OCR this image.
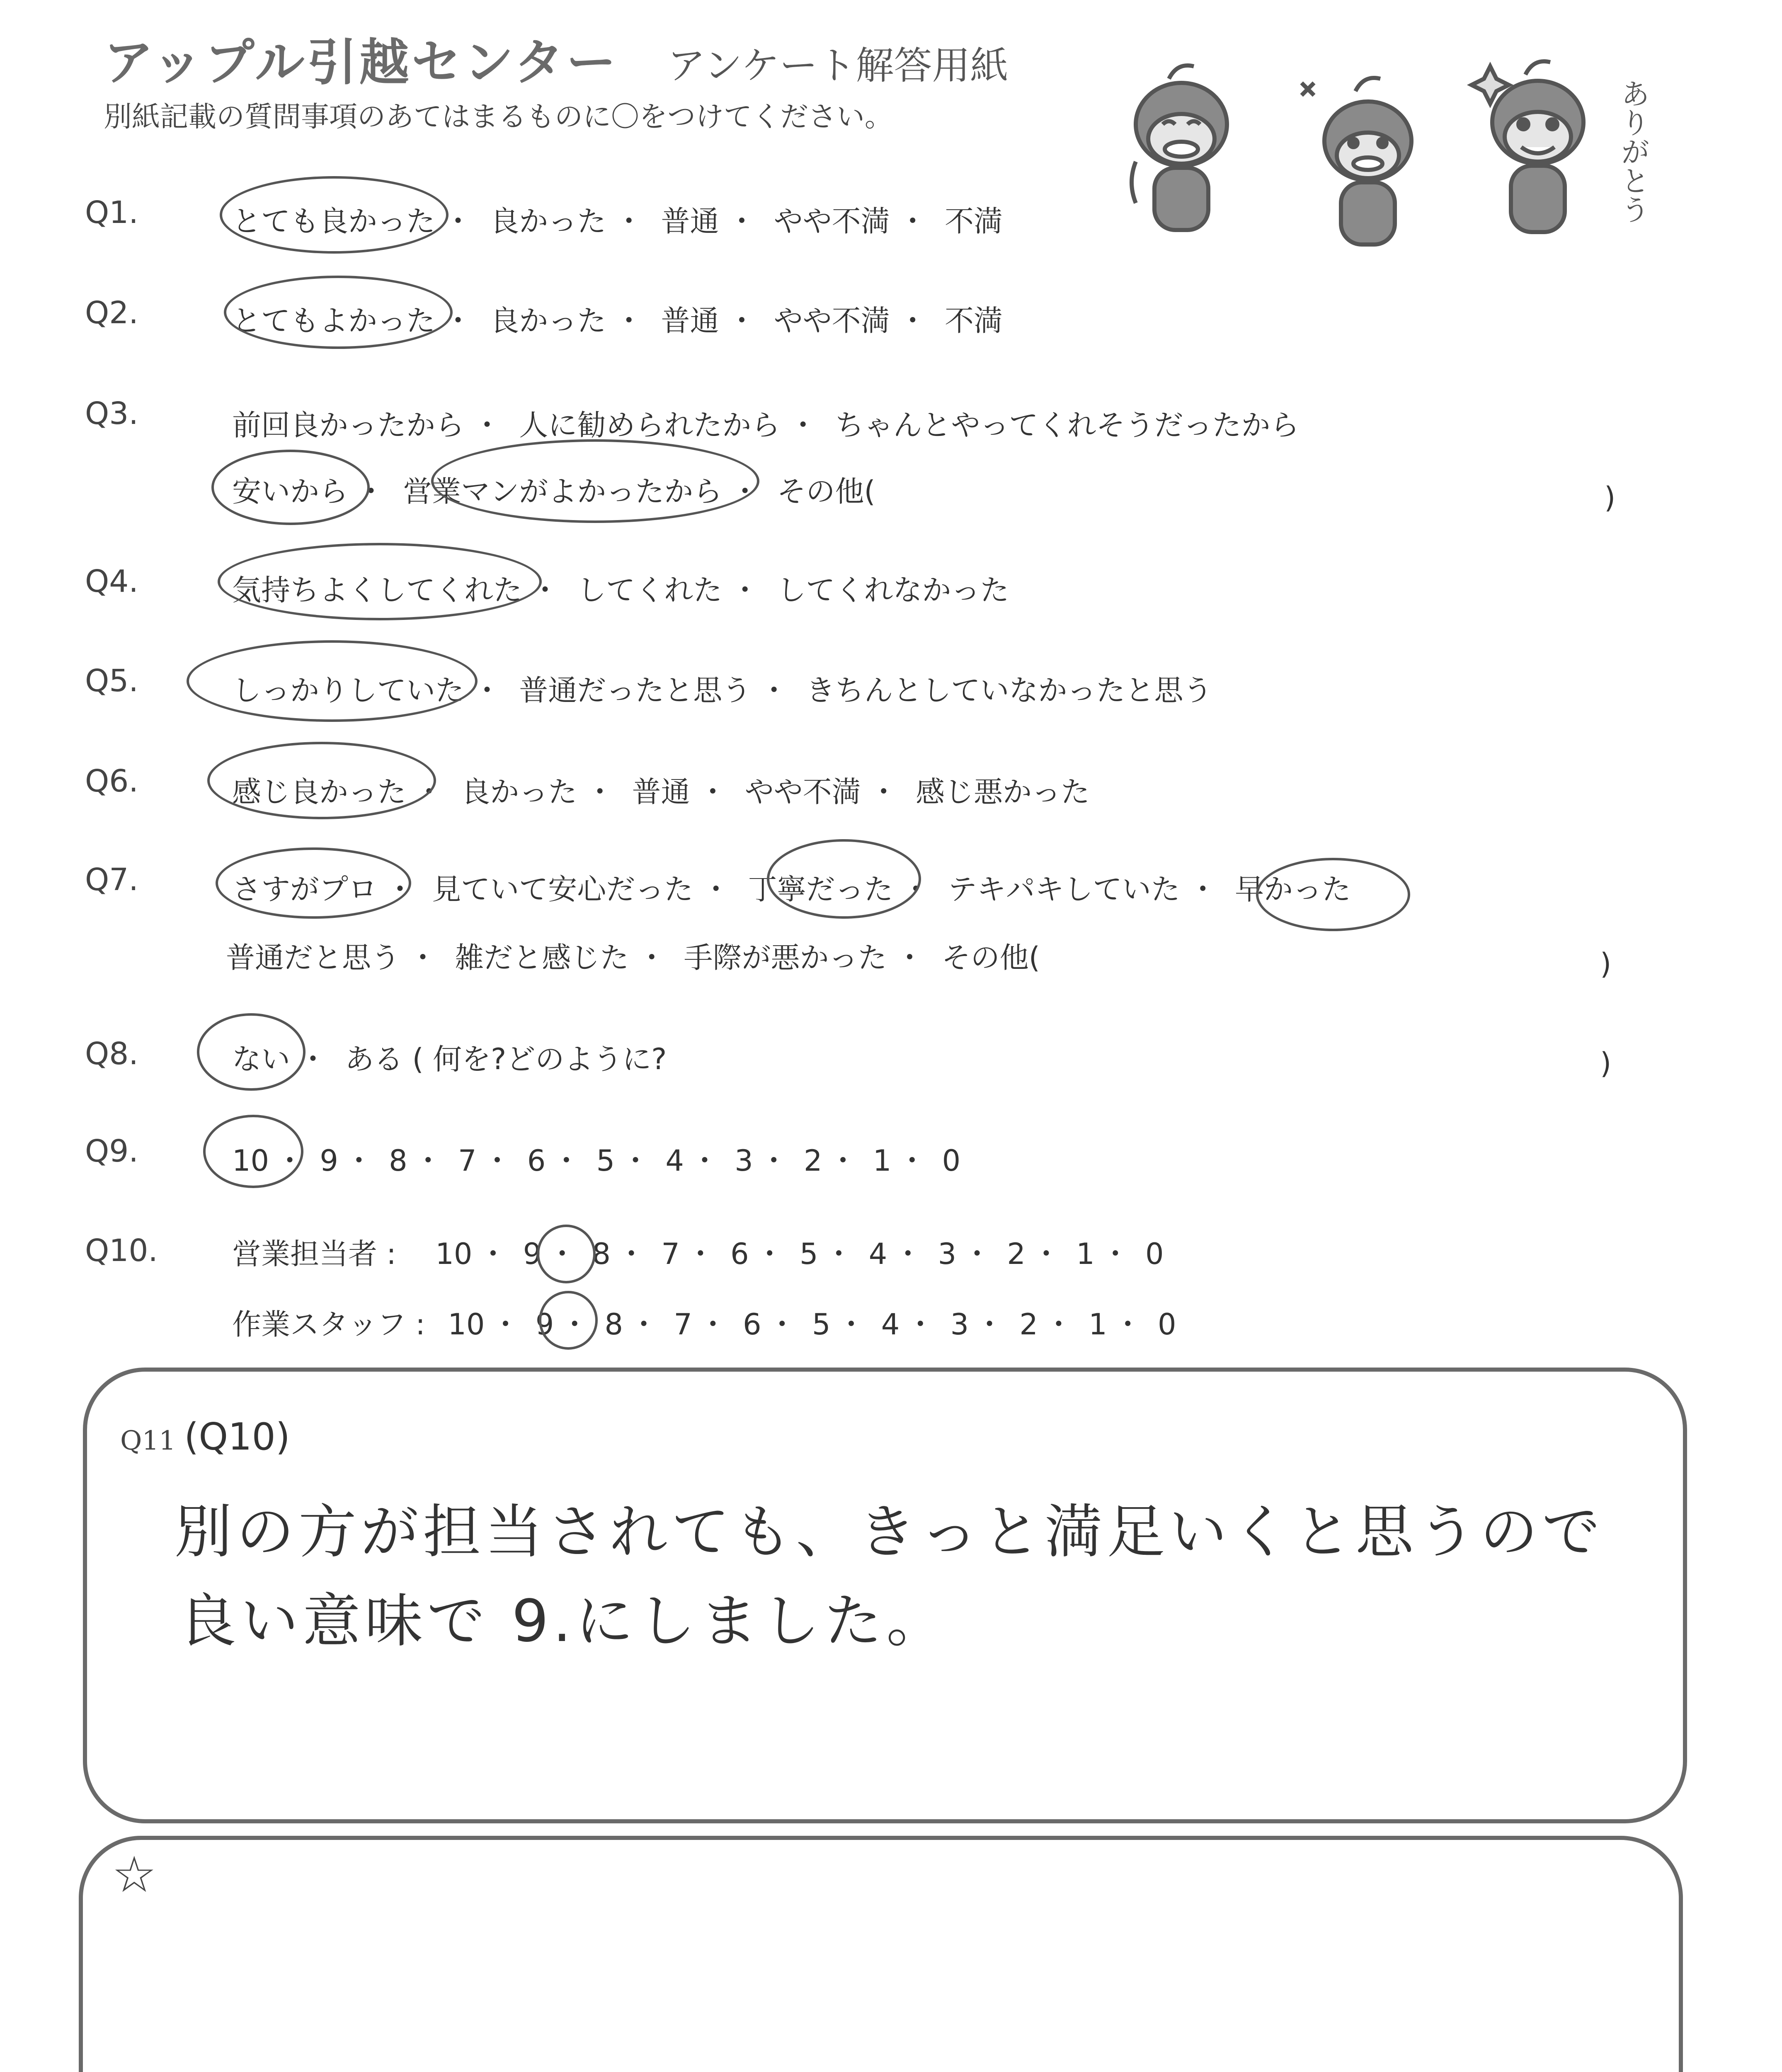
アップル引越センター アンケート解答用紙
別紙記載の質問事項のあてはまるものに〇をつけてください。	ありがとう
Q1.	とても良かった ・ 良かった ・ 普通 ・ やや不満 ・ 不満
Q2.	とてもよかった ・ 良かった ・ 普通 ・ やや不満 ・ 不満
Q3.	前回良かったから ・ 人に勧められたから ・ ちゃんとやってくれそうだったから
安いから ・ 営業マンがよかったから ・ その他(	)
Q4.	気持ちよくしてくれた ・ してくれた ・ してくれなかった
Q5.	しっかりしていた ・ 普通だったと思う ・ きちんとしていなかったと思う
Q6.	感じ良かった ・ 良かった ・ 普通 ・ やや不満 ・ 感じ悪かった
Q7.	さすがプロ ・ 見ていて安心だった ・ 丁寧だった ・ テキパキしていた ・ 早かった
普通だと思う ・ 雑だと感じた ・ 手際が悪かった ・ その他(	)
Q8.	ない ・ ある ( 何を?どのように?	)
Q9.	10 ・ 9 ・ 8 ・ 7 ・ 6 ・ 5 ・ 4 ・ 3 ・ 2 ・ 1 ・ 0
Q10.	営業担当者 : 10 ・ 9 ・ 8 ・ 7 ・ 6 ・ 5 ・ 4 ・ 3 ・ 2 ・ 1 ・ 0
作業スタッフ : 10 ・ 9 ・ 8 ・ 7 ・ 6 ・ 5 ・ 4 ・ 3 ・ 2 ・ 1 ・ 0
Q11 (Q10)
別の方が担当されても、きっと満足いくと思うので
良い意味で 9.にしました。
☆
